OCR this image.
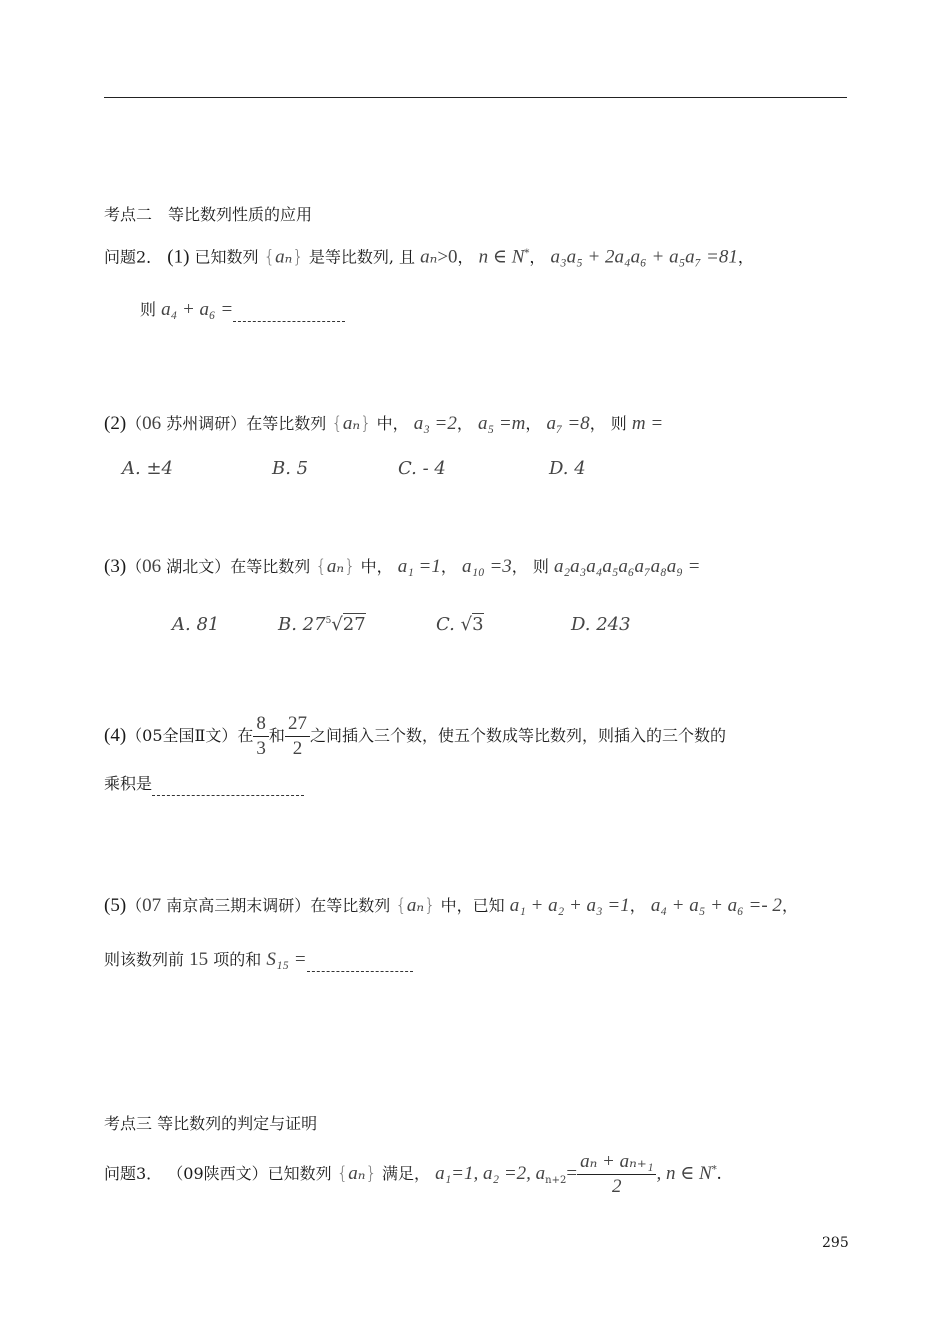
考点二　等比数列性质的应用
问题2． (1) 已知数列 {aₙ} 是等比数列, 且 aₙ>0， n ∈ N*， a₃a₅ + 2a₄a₆ + a₅a₇ =81，
则 a₄ + a₆ =
(2)（06 苏州调研）在等比数列 {aₙ} 中， a₃ =2， a₅ =m， a₇ =8， 则 m =
A. ±4	B. 5	C. - 4	D. 4
(3)（06 湖北文）在等比数列 {aₙ} 中， a₁ =1， a₁₀ =3， 则 a₂a₃a₄a₅a₆a₇a₈a₉ =
A. 81	B. $27^5√27$	C. √3	D. 243
(4)（05全国Ⅱ文）在 $\frac{8}{3}$ 和 $\frac{27}{2}$ 之间插入三个数，使五个数成等比数列，则插入的三个数的
乘积是
(5)（07 南京高三期末调研）在等比数列 {aₙ} 中，已知 a₁ + a₂ + a₃ =1， a₄ + a₅ + a₆ =- 2，
则该数列前 15 项的和 S₁₅ =
考点三 等比数列的判定与证明
问题3． （09陕西文）已知数列 {aₙ} 满足， a₁=1, a₂ =2, $a_{n+2}= \frac{\text{aₙ + aₙ₊₁}}{2}$ , n ∈ N*.
295
